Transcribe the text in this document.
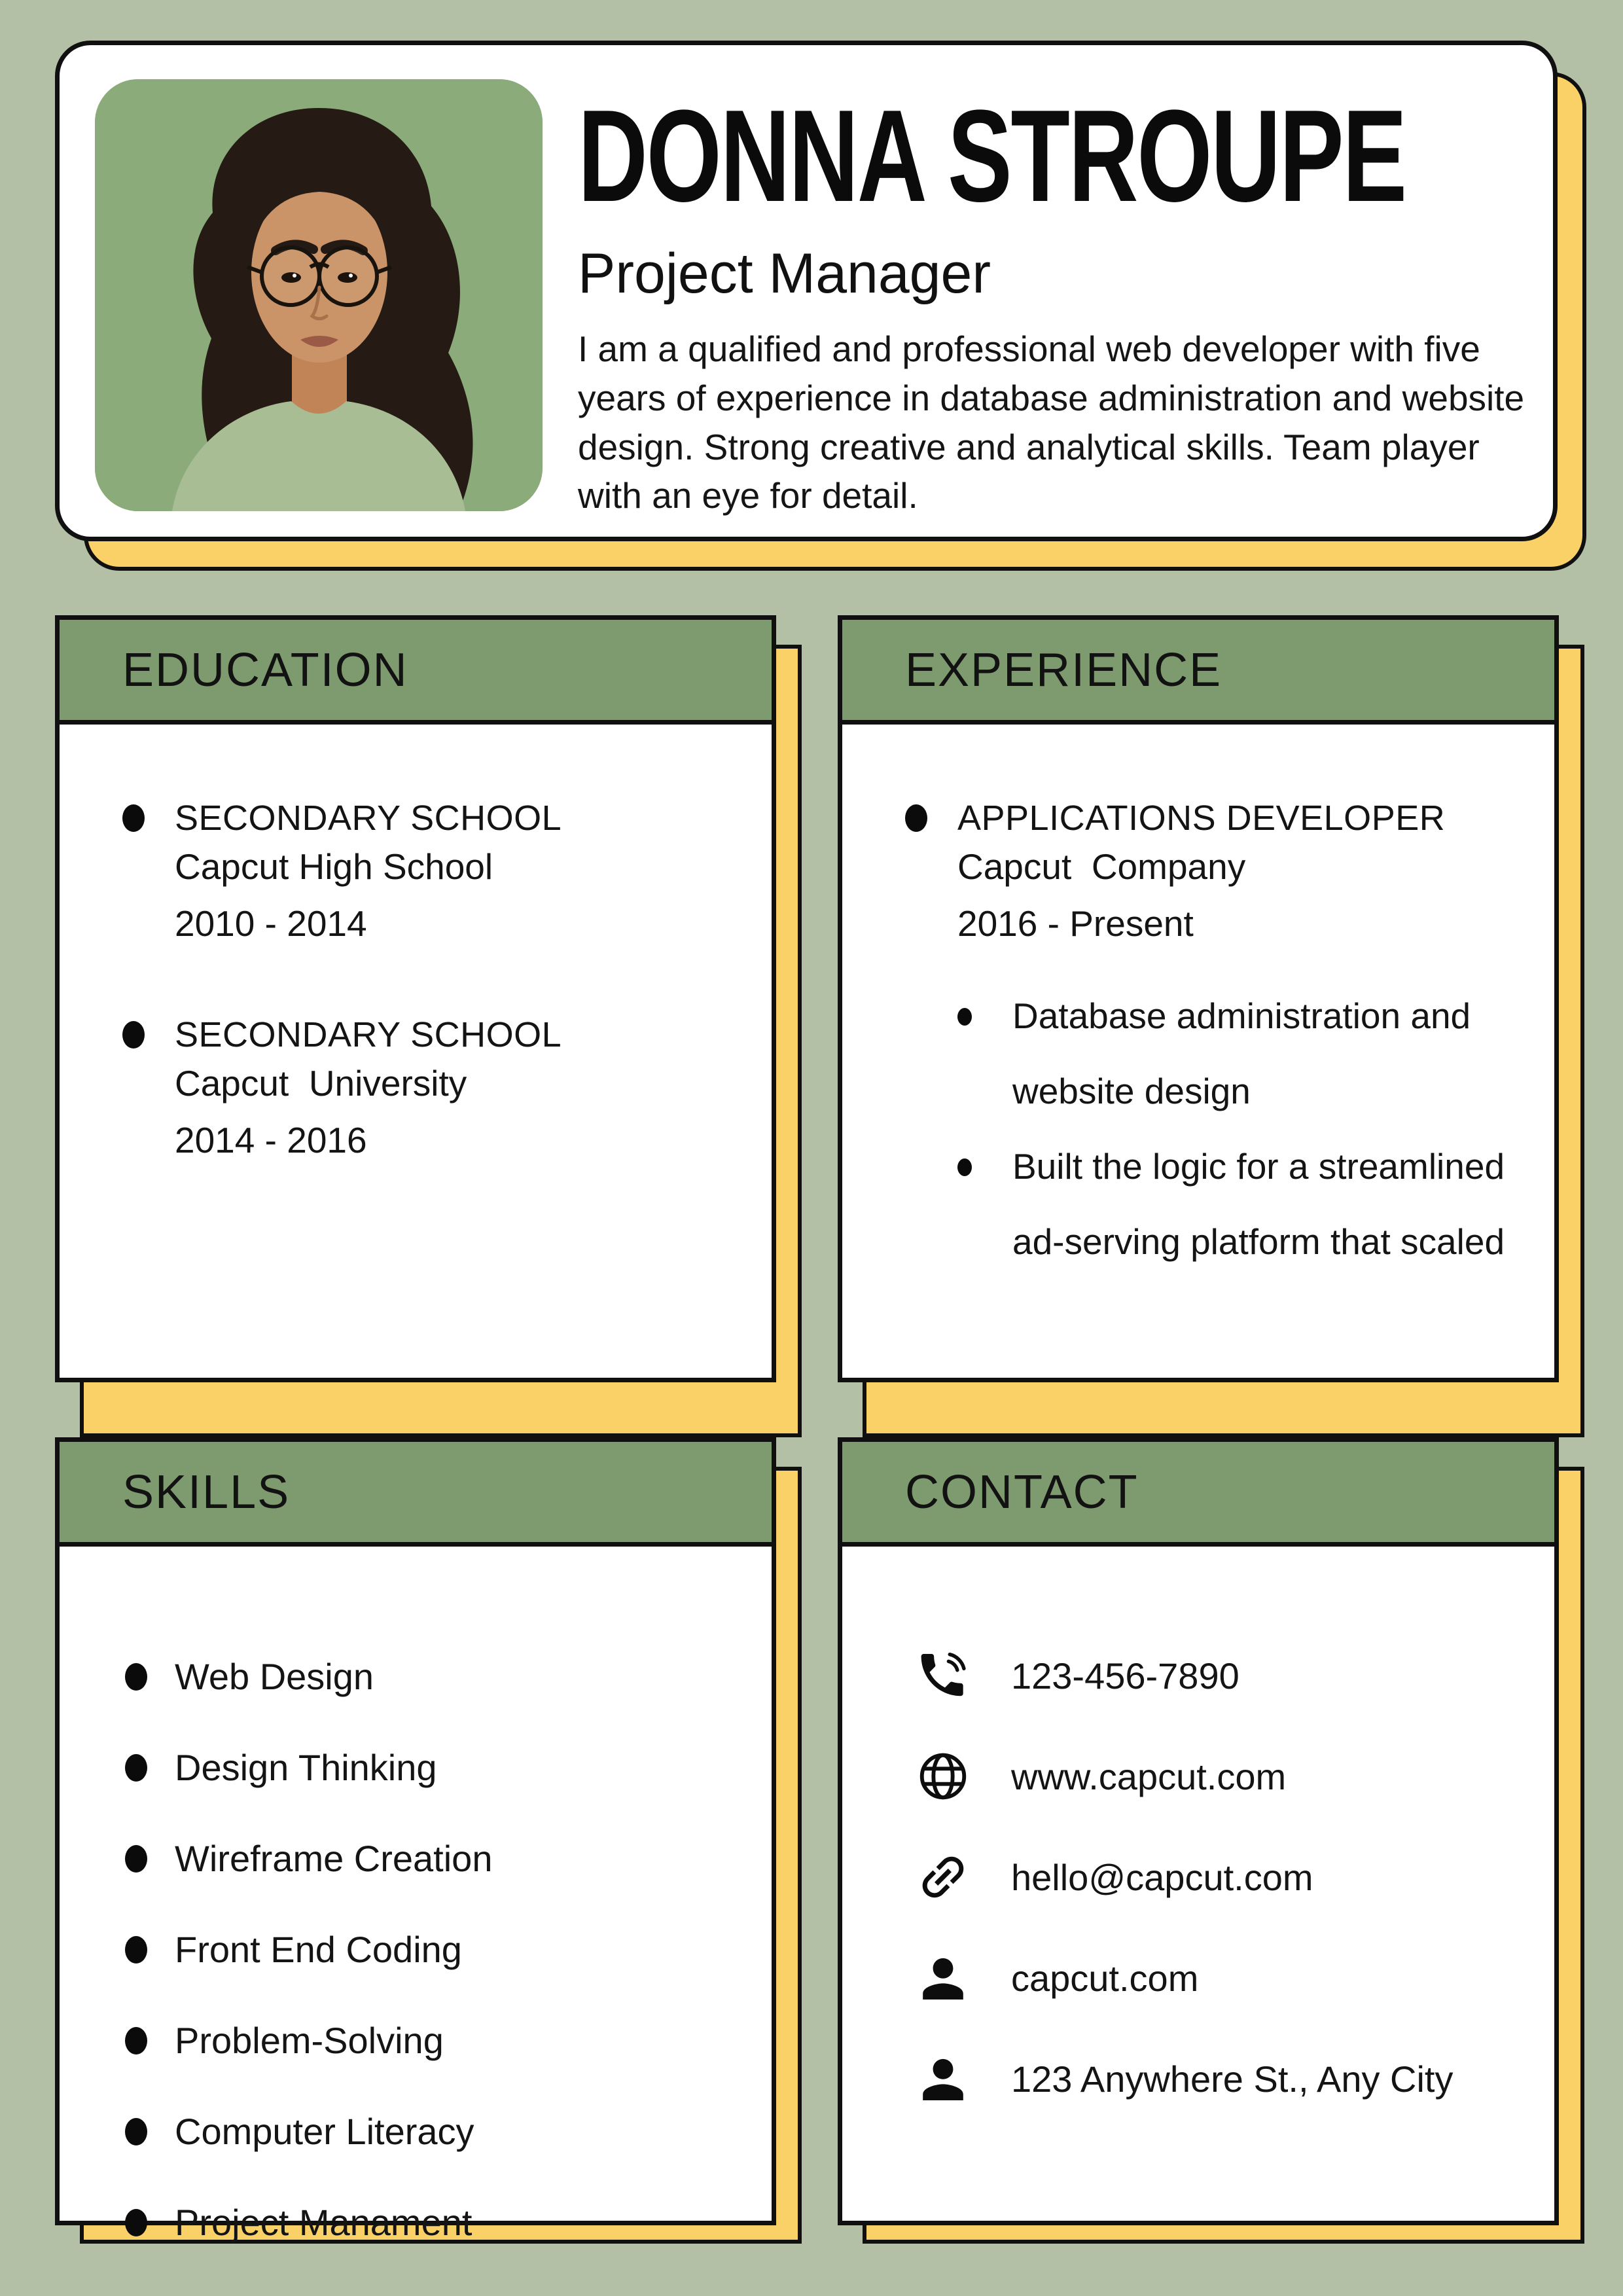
DONNA STROUPE
Project Manager
I am a qualified and professional web developer with five years of experience in database administration and website design. Strong creative and analytical skills. Team player with an eye for detail.
EDUCATION
SECONDARY SCHOOL
Capcut High School
2010 - 2014
SECONDARY SCHOOL
Capcut  University
2014 - 2016
EXPERIENCE
APPLICATIONS DEVELOPER
Capcut  Company
2016 - Present
Database administration and website design
Built the logic for a streamlined ad-serving platform that scaled
SKILLS
Web Design
Design Thinking
Wireframe Creation
Front End Coding
Problem-Solving
Computer Literacy
Project Manament
CONTACT
123-456-7890
www.capcut.com
hello@capcut.com
capcut.com
123 Anywhere St., Any City
